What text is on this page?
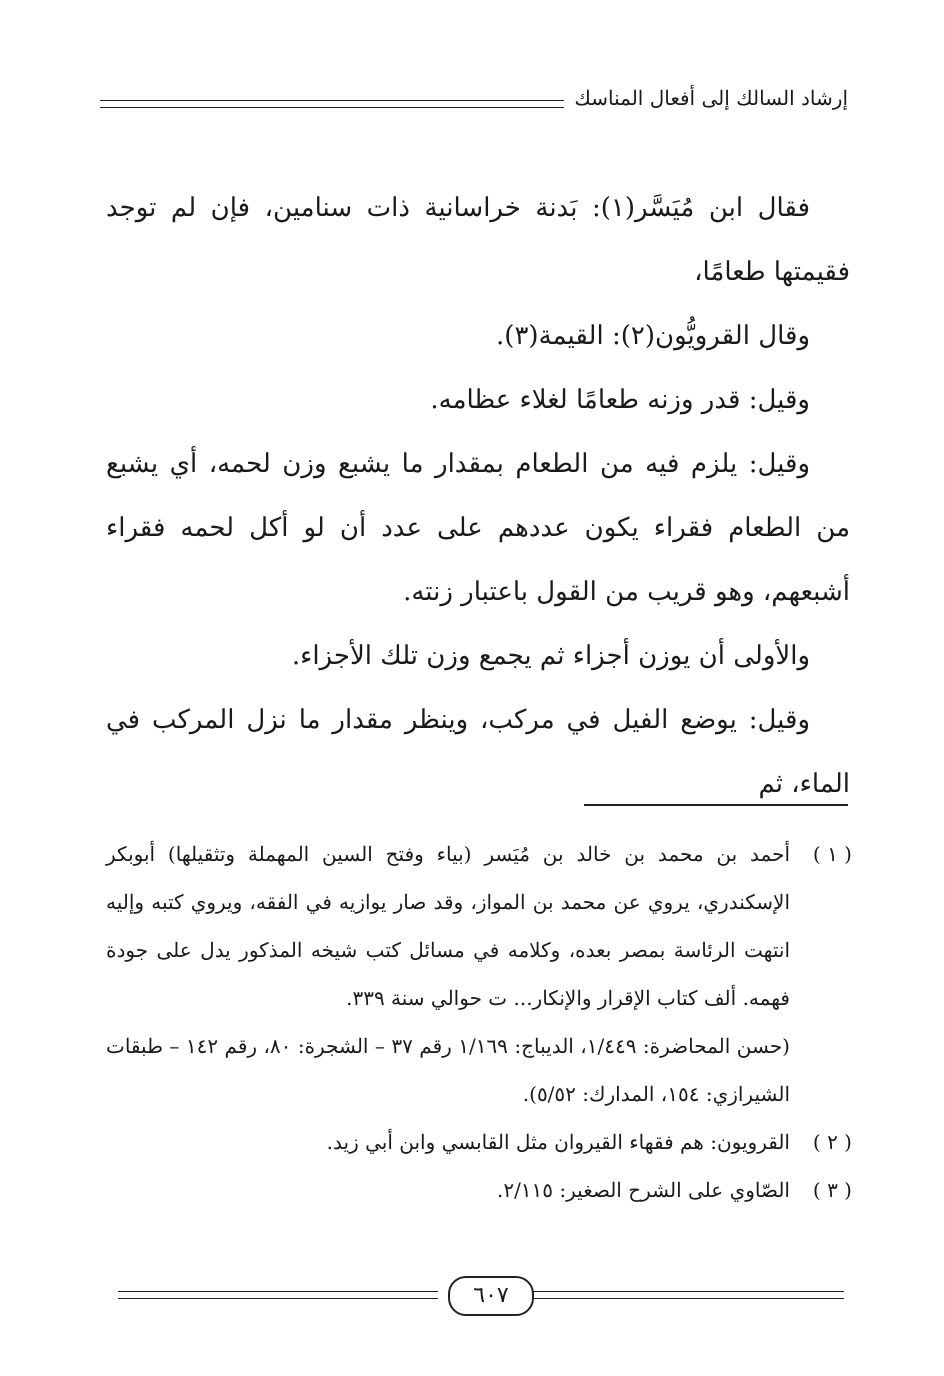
إرشاد السالك إلى أفعال المناسك

فقال ابن مُيَسَّر(١): بَدنة خراسانية ذات سنامين، فإن لم توجد فقيمتها طعامًا،

وقال القرويُّون(٢): القيمة(٣).

وقيل: قدر وزنه طعامًا لغلاء عظامه.

وقيل: يلزم فيه من الطعام بمقدار ما يشبع وزن لحمه، أي يشبع من الطعام فقراء يكون عددهم على عدد أن لو أكل لحمه فقراء أشبعهم، وهو قريب من القول باعتبار زنته.

والأولى أن يوزن أجزاء ثم يجمع وزن تلك الأجزاء.

وقيل: يوضع الفيل في مركب، وينظر مقدار ما نزل المركب في الماء، ثم

( ١ )
أحمد بن محمد بن خالد بن مُيَسر (بياء وفتح السين المهملة وتثقيلها) أبوبكر الإسكندري، يروي عن محمد بن المواز، وقد صار يوازيه في الفقه، ويروي كتبه وإليه انتهت الرئاسة بمصر بعده، وكلامه في مسائل كتب شيخه المذكور يدل على جودة فهمه. ألف كتاب الإقرار والإنكار... ت حوالي سنة ٣٣٩.
(حسن المحاضرة: ١/٤٤٩، الديباج: ١/١٦٩ رقم ٣٧ – الشجرة: ٨٠، رقم ١٤٢ – طبقات الشيرازي: ١٥٤، المدارك: ٥/٥٢).
( ٢ )
القرويون: هم فقهاء القيروان مثل القابسي وابن أبي زيد.
( ٣ )
الصّاوي على الشرح الصغير: ٢/١١٥.
٦٠٧
